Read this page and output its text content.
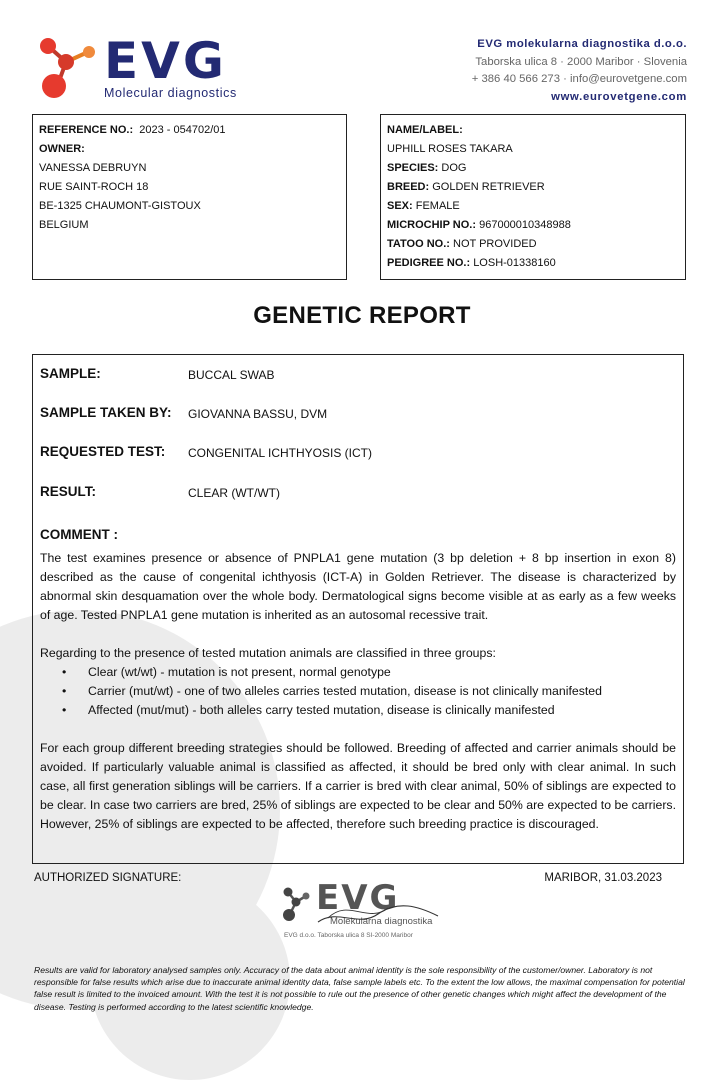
EVG
Molecular diagnostics
EVG molekularna diagnostika d.o.o.
Taborska ulica 8 · 2000 Maribor · Slovenia
+ 386 40 566 273 · info@eurovetgene.com
www.eurovetgene.com
REFERENCE NO.: 2023 - 054702/01
OWNER:
VANESSA DEBRUYN
RUE SAINT-ROCH 18
BE-1325 CHAUMONT-GISTOUX
BELGIUM
NAME/LABEL:
UPHILL ROSES TAKARA
SPECIES: DOG
BREED: GOLDEN RETRIEVER
SEX: FEMALE
MICROCHIP NO.: 967000010348988
TATOO NO.: NOT PROVIDED
PEDIGREE NO.: LOSH-01338160
GENETIC REPORT
SAMPLE:	BUCCAL SWAB
SAMPLE TAKEN BY: GIOVANNA BASSU, DVM
REQUESTED TEST: CONGENITAL ICHTHYOSIS (ICT)
RESULT:	CLEAR (WT/WT)
COMMENT :

The test examines presence or absence of PNPLA1 gene mutation (3 bp deletion + 8 bp insertion in exon 8) described as the cause of congenital ichthyosis (ICT-A) in Golden Retriever. The disease is characterized by abnormal skin desquamation over the whole body. Dermatological signs become visible at as early as a few weeks of age. Tested PNPLA1 gene mutation is inherited as an autosomal recessive trait.

Regarding to the presence of tested mutation animals are classified in three groups:

• Clear (wt/wt) - mutation is not present, normal genotype
• Carrier (mut/wt) - one of two alleles carries tested mutation, disease is not clinically manifested
• Affected (mut/mut) - both alleles carry tested mutation, disease is clinically manifested

For each group different breeding strategies should be followed. Breeding of affected and carrier animals should be avoided. If particularly valuable animal is classified as affected, it should be bred only with clear animal. In such case, all first generation siblings will be carriers. If a carrier is bred with clear animal, 50% of siblings are expected to be clear. In case two carriers are bred, 25% of siblings are expected to be clear and 50% are expected to be carriers. However, 25% of siblings are expected to be affected, therefore such breeding practice is discouraged.

AUTHORIZED SIGNATURE:	MARIBOR, 31.03.2023
EVG
Molekularna diagnostika
EVG d.o.o. Taborska ulica 8 SI-2000 Maribor
Results are valid for laboratory analysed samples only. Accuracy of the data about animal identity is the sole responsibility of the customer/owner. Laboratory is not responsible for false results which arise due to inaccurate animal identity data, false sample labels etc. To the extent the low allows, the maximal compensation for potential false result is limited to the invoiced amount. With the test it is not possible to rule out the presence of other genetic changes which might affect the development of the disease. Testing is performed according to the latest scientific knowledge.
